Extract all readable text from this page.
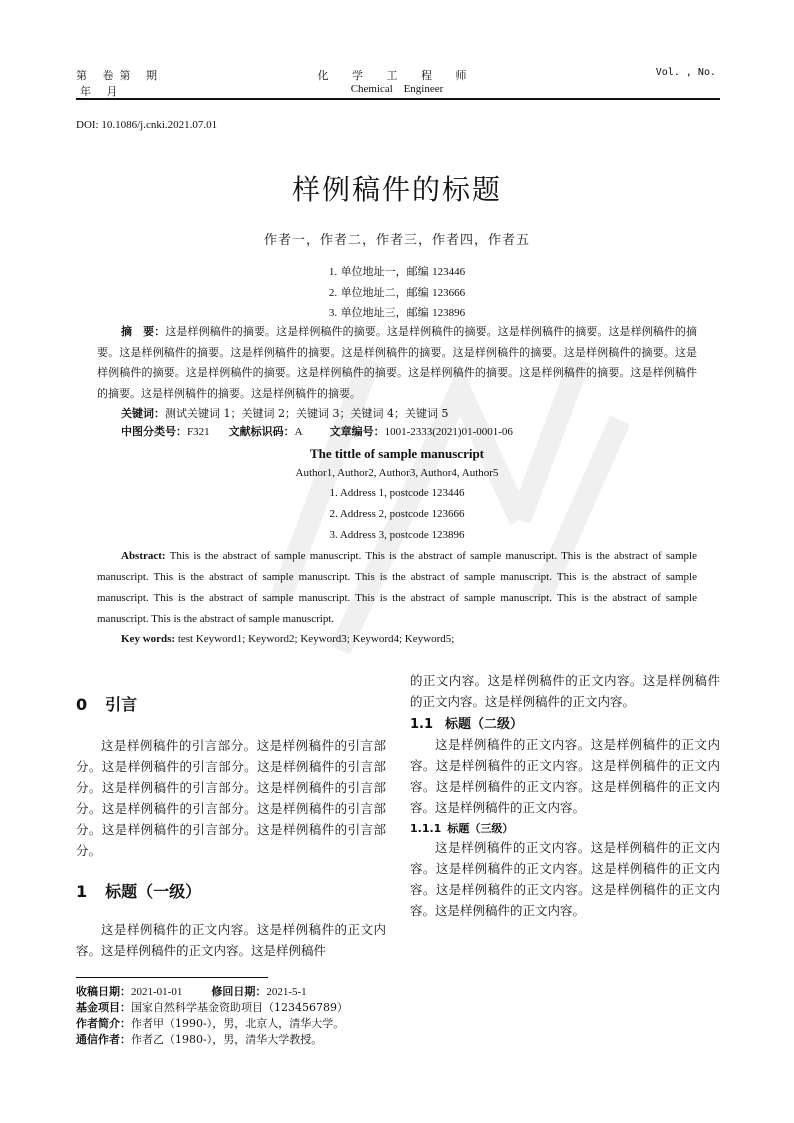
第 卷第 期
年 月
化 学 工 程 师
Chemical Engineer
Vol. , No.
DOI: 10.1086/j.cnki.2021.07.01
样例稿件的标题
作者一，作者二，作者三，作者四，作者五
1. 单位地址一，邮编 123446
2. 单位地址二，邮编 123666
3. 单位地址三，邮编 123896
摘　要：这是样例稿件的摘要。这是样例稿件的摘要。这是样例稿件的摘要。这是样例稿件的摘要。这是样例稿件的摘要。这是样例稿件的摘要。这是样例稿件的摘要。这是样例稿件的摘要。这是样例稿件的摘要。这是样例稿件的摘要。这是样例稿件的摘要。这是样例稿件的摘要。这是样例稿件的摘要。这是样例稿件的摘要。这是样例稿件的摘要。这是样例稿件的摘要。这是样例稿件的摘要。这是样例稿件的摘要。
关键词：测试关键词 1；关键词 2；关键词 3；关键词 4；关键词 5
中图分类号：F321 文献标识码：A 文章编号：1001-2333(2021)01-0001-06
The tittle of sample manuscript
Author1, Author2, Author3, Author4, Author5
1. Address 1, postcode 123446
2. Address 2, postcode 123666
3. Address 3, postcode 123896
Abstract: This is the abstract of sample manuscript. This is the abstract of sample manuscript. This is the abstract of sample manuscript. This is the abstract of sample manuscript. This is the abstract of sample manuscript. This is the abstract of sample manuscript. This is the abstract of sample manuscript. This is the abstract of sample manuscript. This is the abstract of sample manuscript. This is the abstract of sample manuscript.
Key words: test Keyword1; Keyword2; Keyword3; Keyword4; Keyword5;
0 引言
这是样例稿件的引言部分。这是样例稿件的引言部分。这是样例稿件的引言部分。这是样例稿件的引言部分。这是样例稿件的引言部分。这是样例稿件的引言部分。这是样例稿件的引言部分。这是样例稿件的引言部分。这是样例稿件的引言部分。这是样例稿件的引言部分。
1 标题（一级）
这是样例稿件的正文内容。这是样例稿件的正文内容。这是样例稿件的正文内容。这是样例稿件
的正文内容。这是样例稿件的正文内容。这是样例稿件的正文内容。这是样例稿件的正文内容。
1.1 标题（二级）
这是样例稿件的正文内容。这是样例稿件的正文内容。这是样例稿件的正文内容。这是样例稿件的正文内容。这是样例稿件的正文内容。这是样例稿件的正文内容。这是样例稿件的正文内容。
1.1.1 标题（三级）
这是样例稿件的正文内容。这是样例稿件的正文内容。这是样例稿件的正文内容。这是样例稿件的正文内容。这是样例稿件的正文内容。这是样例稿件的正文内容。这是样例稿件的正文内容。
收稿日期：2021-01-01	修回日期：2021-5-1
基金项目：国家自然科学基金资助项目（123456789）
作者简介：作者甲（1990-），男，北京人，清华大学。
通信作者：作者乙（1980-），男，清华大学教授。
